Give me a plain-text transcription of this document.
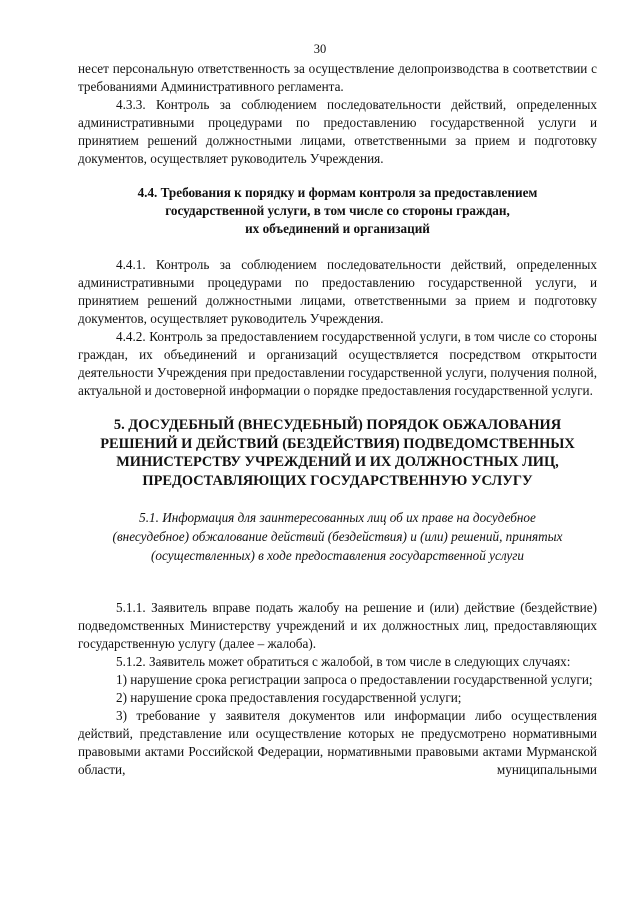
30

несет персональную ответственность за осуществление делопроизводства в соответствии с требованиями Административного регламента.

4.3.3. Контроль за соблюдением последовательности действий, определенных административными процедурами по предоставлению государственной услуги и принятием решений должностными лицами, ответственными за прием и подготовку документов, осуществляет руководитель Учреждения.

4.4. Требования к порядку и формам контроля за предоставлением
государственной услуги, в том числе со стороны граждан,
их объединений и организаций

4.4.1. Контроль за соблюдением последовательности действий, определенных административными процедурами по предоставлению государственной услуги, и принятием решений должностными лицами, ответственными за прием и подготовку документов, осуществляет руководитель Учреждения.

4.4.2. Контроль за предоставлением государственной услуги, в том числе со стороны граждан, их объединений и организаций осуществляется посредством открытости деятельности Учреждения при предоставлении государственной услуги, получения полной, актуальной и достоверной информации о порядке предоставления государственной услуги.

5. ДОСУДЕБНЫЙ (ВНЕСУДЕБНЫЙ) ПОРЯДОК ОБЖАЛОВАНИЯ
РЕШЕНИЙ И ДЕЙСТВИЙ (БЕЗДЕЙСТВИЯ) ПОДВЕДОМСТВЕННЫХ
МИНИСТЕРСТВУ УЧРЕЖДЕНИЙ И ИХ ДОЛЖНОСТНЫХ ЛИЦ,
ПРЕДОСТАВЛЯЮЩИХ ГОСУДАРСТВЕННУЮ УСЛУГУ
5.1. Информация для заинтересованных лиц об их праве на досудебное
(внесудебное) обжалование действий (бездействия) и (или) решений, принятых
(осуществленных) в ходе предоставления государственной услуги

5.1.1. Заявитель вправе подать жалобу на решение и (или) действие (бездействие) подведомственных Министерству учреждений и их должностных лиц, предоставляющих государственную услугу (далее – жалоба).

5.1.2. Заявитель может обратиться с жалобой, в том числе в следующих случаях:

1) нарушение срока регистрации запроса о предоставлении государственной услуги;

2) нарушение срока предоставления государственной услуги;

3) требование у заявителя документов или информации либо осуществления действий, представление или осуществление которых не предусмотрено нормативными правовыми актами Российской Федерации, нормативными правовыми актами Мурманской области, муниципальными
